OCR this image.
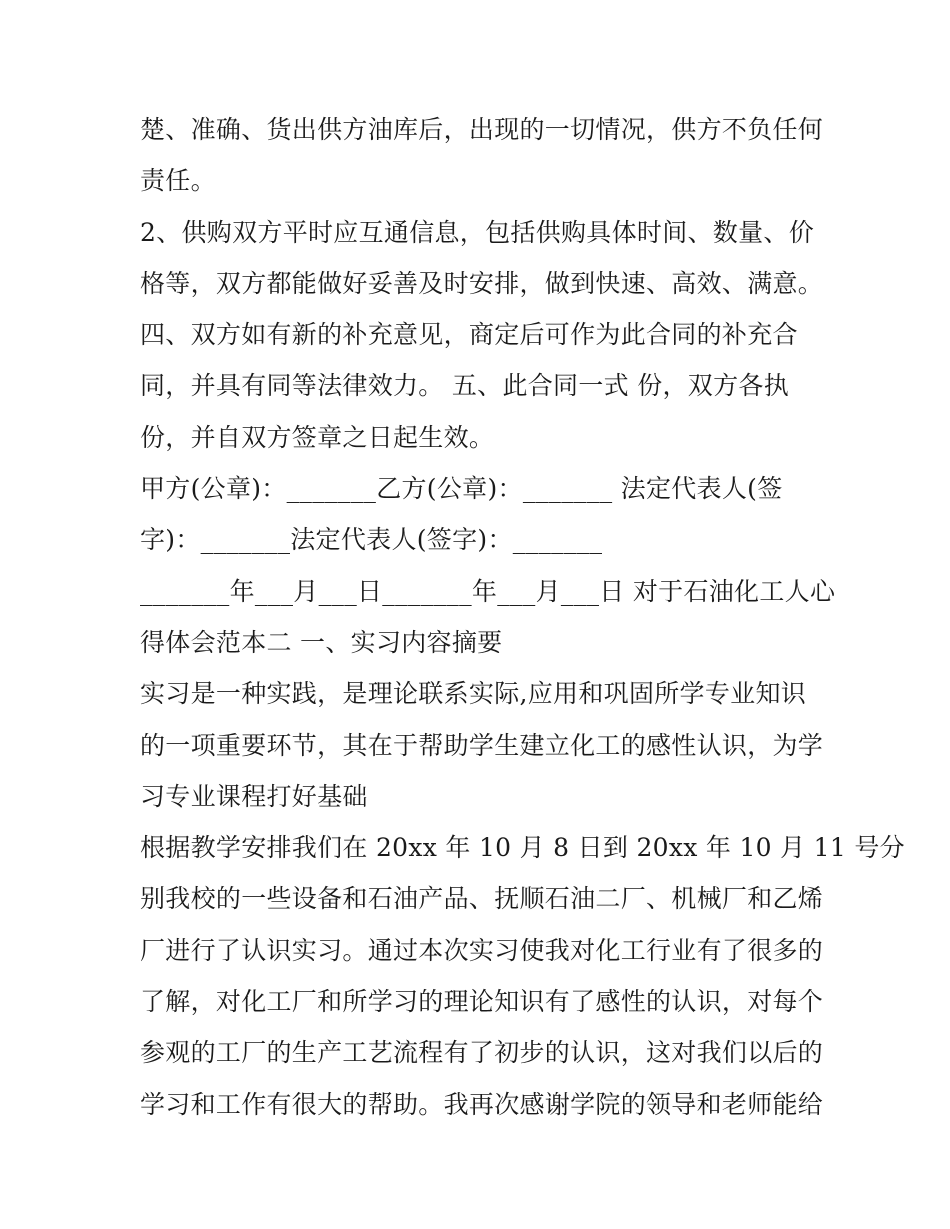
楚、准确、货出供方油库后，出现的一切情况，供方不负任何
责任。
2、供购双方平时应互通信息，包括供购具体时间、数量、价
格等，双方都能做好妥善及时安排，做到快速、高效、满意。
四、双方如有新的补充意见，商定后可作为此合同的补充合
同，并具有同等法律效力。 五、此合同一式 份，双方各执
份，并自双方签章之日起生效。
甲方(公章)：_______乙方(公章)：_______ 法定代表人(签
字)：_______法定代表人(签字)：_______
_______年___月___日_______年___月___日 对于石油化工人心
得体会范本二 一、实习内容摘要
实习是一种实践，是理论联系实际,应用和巩固所学专业知识
的一项重要环节，其在于帮助学生建立化工的感性认识，为学
习专业课程打好基础
根据教学安排我们在 20xx 年 10 月 8 日到 20xx 年 10 月 11 号分
别我校的一些设备和石油产品、抚顺石油二厂、机械厂和乙烯
厂进行了认识实习。通过本次实习使我对化工行业有了很多的
了解，对化工厂和所学习的理论知识有了感性的认识，对每个
参观的工厂的生产工艺流程有了初步的认识，这对我们以后的
学习和工作有很大的帮助。我再次感谢学院的领导和老师能给
